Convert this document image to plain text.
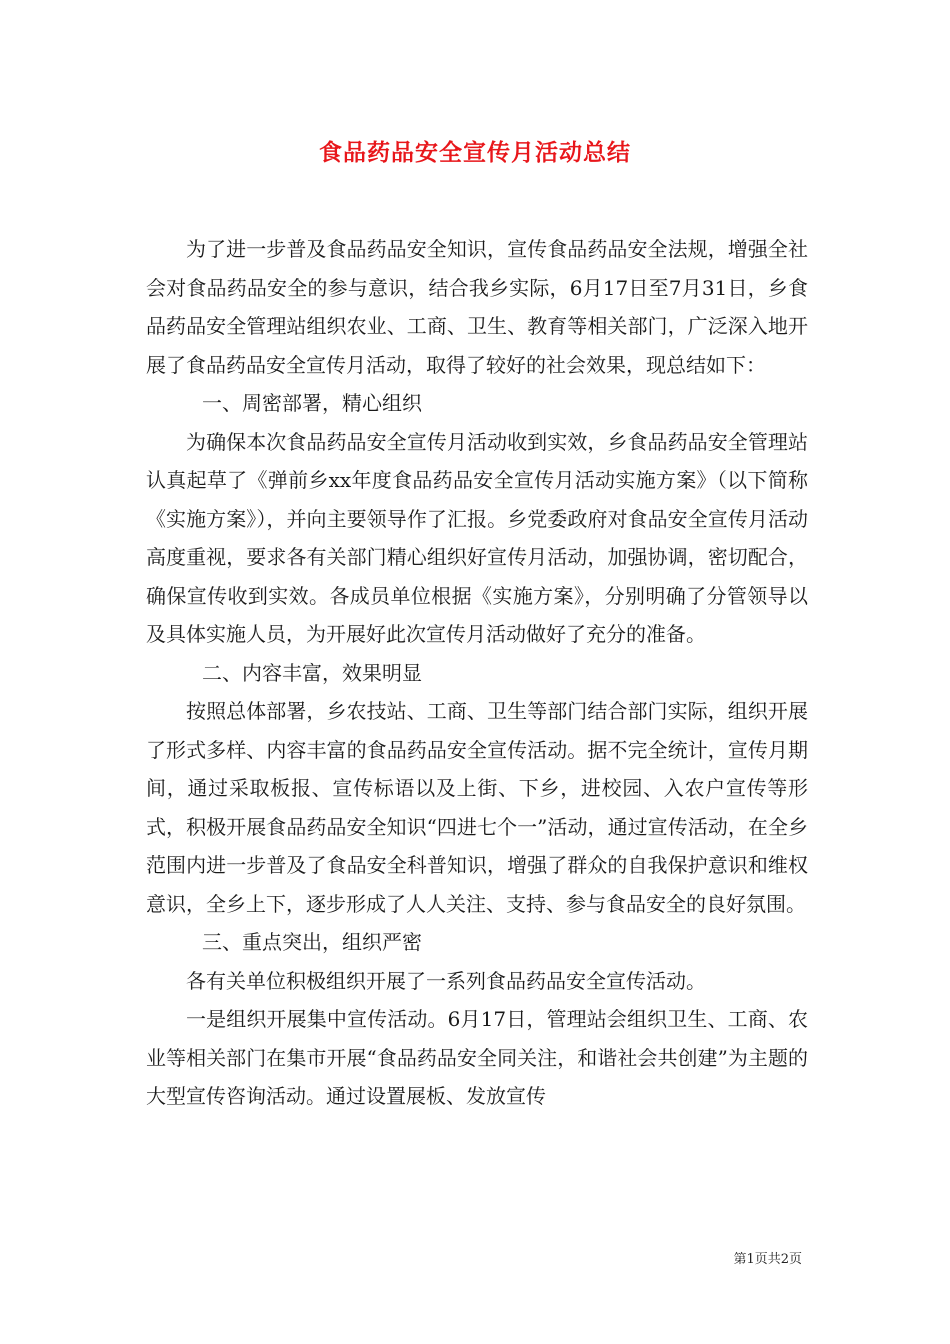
食品药品安全宣传月活动总结

为了进一步普及食品药品安全知识，宣传食品药品安全法规，增强全社会对食品药品安全的参与意识，结合我乡实际，6月17日至7月31日，乡食品药品安全管理站组织农业、工商、卫生、教育等相关部门，广泛深入地开展了食品药品安全宣传月活动，取得了较好的社会效果，现总结如下：

一、周密部署，精心组织

为确保本次食品药品安全宣传月活动收到实效，乡食品药品安全管理站认真起草了《弹前乡xx年度食品药品安全宣传月活动实施方案》（以下简称《实施方案》），并向主要领导作了汇报。乡党委政府对食品安全宣传月活动高度重视，要求各有关部门精心组织好宣传月活动，加强协调，密切配合，确保宣传收到实效。各成员单位根据《实施方案》，分别明确了分管领导以及具体实施人员，为开展好此次宣传月活动做好了充分的准备。

二、内容丰富，效果明显

按照总体部署，乡农技站、工商、卫生等部门结合部门实际，组织开展了形式多样、内容丰富的食品药品安全宣传活动。据不完全统计，宣传月期间，通过采取板报、宣传标语以及上街、下乡，进校园、入农户宣传等形式，积极开展食品药品安全知识“四进七个一”活动，通过宣传活动，在全乡范围内进一步普及了食品安全科普知识，增强了群众的自我保护意识和维权意识，全乡上下，逐步形成了人人关注、支持、参与食品安全的良好氛围。

三、重点突出，组织严密

各有关单位积极组织开展了一系列食品药品安全宣传活动。

一是组织开展集中宣传活动。6月17日，管理站会组织卫生、工商、农业等相关部门在集市开展“食品药品安全同关注，和谐社会共创建”为主题的大型宣传咨询活动。通过设置展板、发放宣传

第1页共2页
